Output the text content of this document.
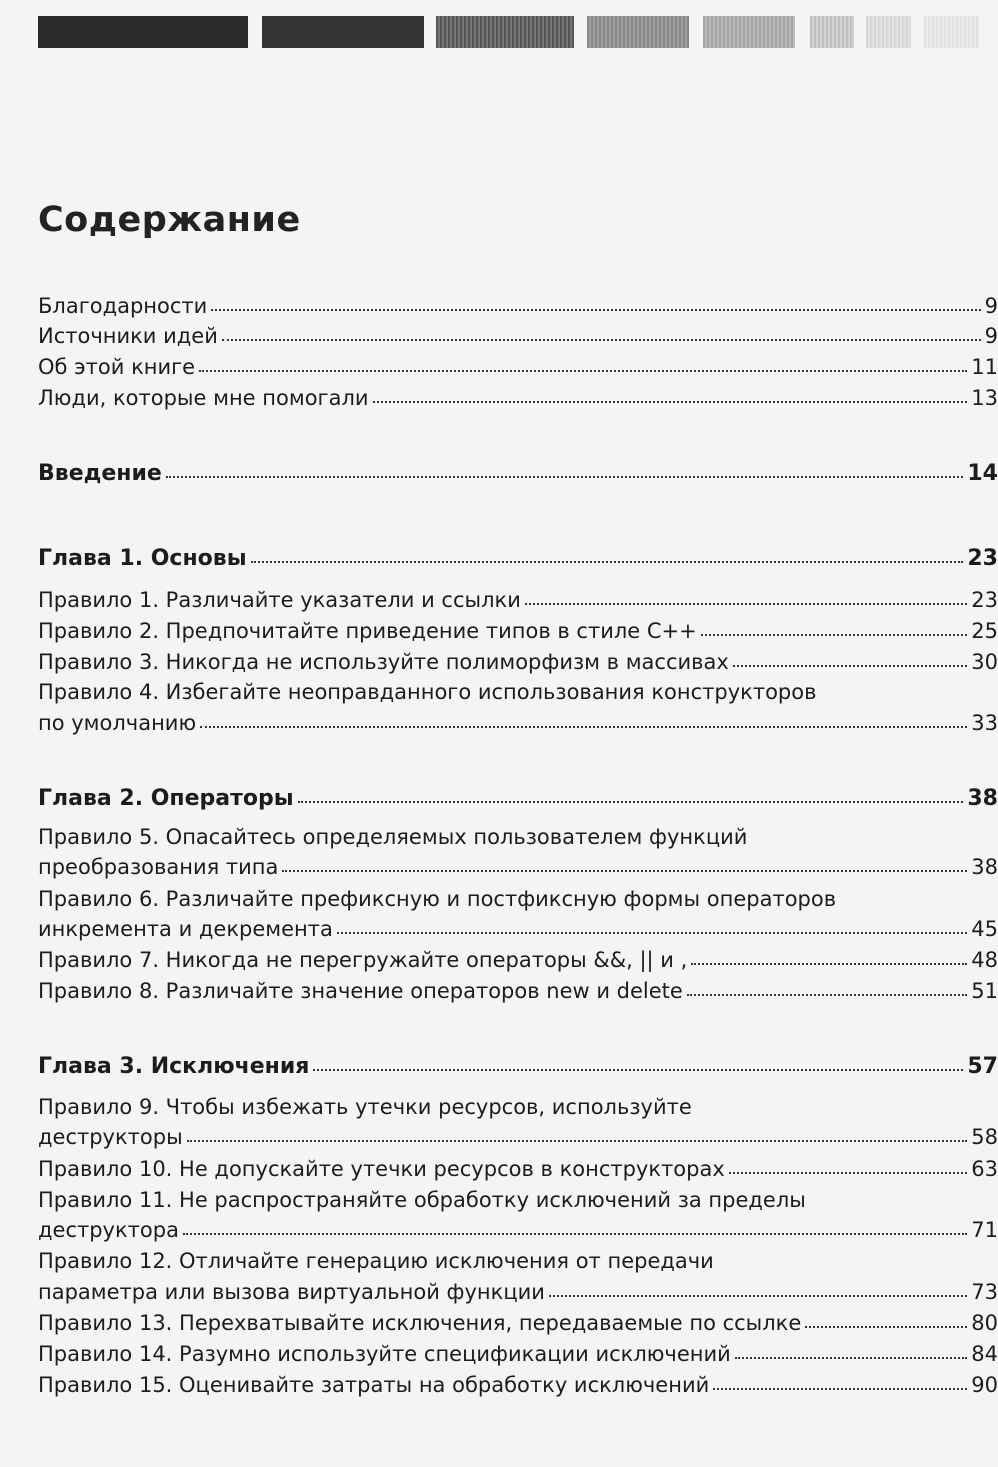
Содержание
Благодарности	9
Источники идей	9
Об этой книге	11
Люди, которые мне помогали	13
Введение	14
Глава 1. Основы	23
Правило 1. Различайте указатели и ссылки	23
Правило 2. Предпочитайте приведение типов в стиле C++	25
Правило 3. Никогда не используйте полиморфизм в массивах	30
Правило 4. Избегайте неоправданного использования конструкторов
по умолчанию	33
Глава 2. Операторы	38
Правило 5. Опасайтесь определяемых пользователем функций
преобразования типа	38
Правило 6. Различайте префиксную и постфиксную формы операторов
инкремента и декремента	45
Правило 7. Никогда не перегружайте операторы &&, || и ,	48
Правило 8. Различайте значение операторов new и delete	51
Глава 3. Исключения	57
Правило 9. Чтобы избежать утечки ресурсов, используйте
деструкторы	58
Правило 10. Не допускайте утечки ресурсов в конструкторах	63
Правило 11. Не распространяйте обработку исключений за пределы
деструктора	71
Правило 12. Отличайте генерацию исключения от передачи
параметра или вызова виртуальной функции	73
Правило 13. Перехватывайте исключения, передаваемые по ссылке	80
Правило 14. Разумно используйте спецификации исключений	84
Правило 15. Оценивайте затраты на обработку исключений	90
